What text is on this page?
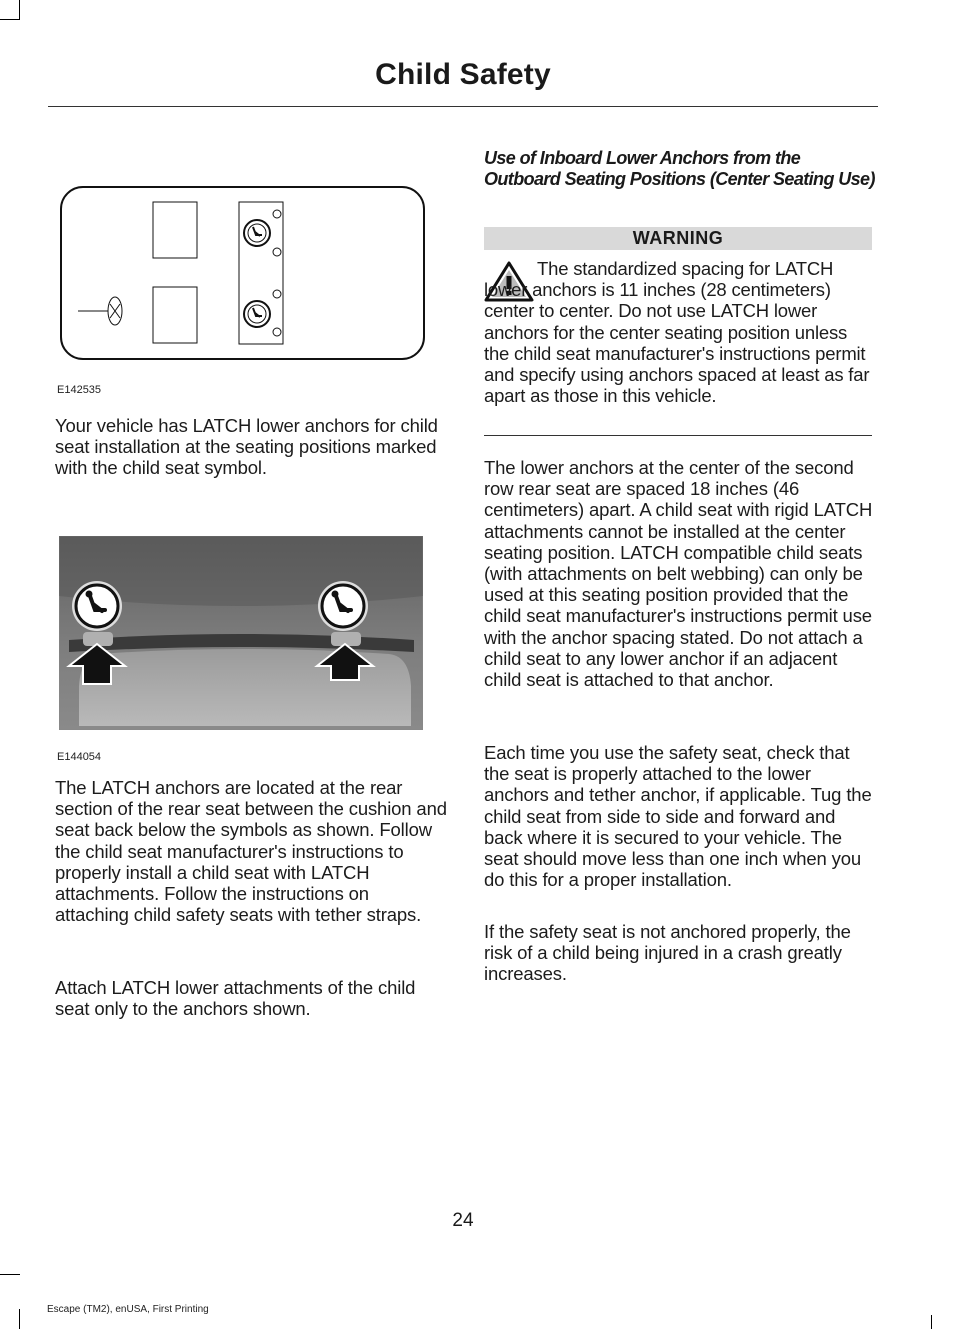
Child Safety
E142535

Your vehicle has LATCH lower anchors for child seat installation at the seating positions marked with the child seat symbol.

E144054

The LATCH anchors are located at the rear section of the rear seat between the cushion and seat back below the symbols as shown. Follow the child seat manufacturer's instructions to properly install a child seat with LATCH attachments. Follow the instructions on attaching child safety seats with tether straps.

Attach LATCH lower attachments of the child seat only to the anchors shown.

Use of Inboard Lower Anchors from the Outboard Seating Positions (Center Seating Use)
WARNING

The standardized spacing for LATCH lower anchors is 11 inches (28 centimeters) center to center. Do not use LATCH lower anchors for the center seating position unless the child seat manufacturer's instructions permit and specify using anchors spaced at least as far apart as those in this vehicle.

The lower anchors at the center of the second row rear seat are spaced 18 inches (46 centimeters) apart. A child seat with rigid LATCH attachments cannot be installed at the center seating position. LATCH compatible child seats (with attachments on belt webbing) can only be used at this seating position provided that the child seat manufacturer's instructions permit use with the anchor spacing stated. Do not attach a child seat to any lower anchor if an adjacent child seat is attached to that anchor.

Each time you use the safety seat, check that the seat is properly attached to the lower anchors and tether anchor, if applicable. Tug the child seat from side to side and forward and back where it is secured to your vehicle. The seat should move less than one inch when you do this for a proper installation.

If the safety seat is not anchored properly, the risk of a child being injured in a crash greatly increases.

24
Escape (TM2), enUSA, First Printing
